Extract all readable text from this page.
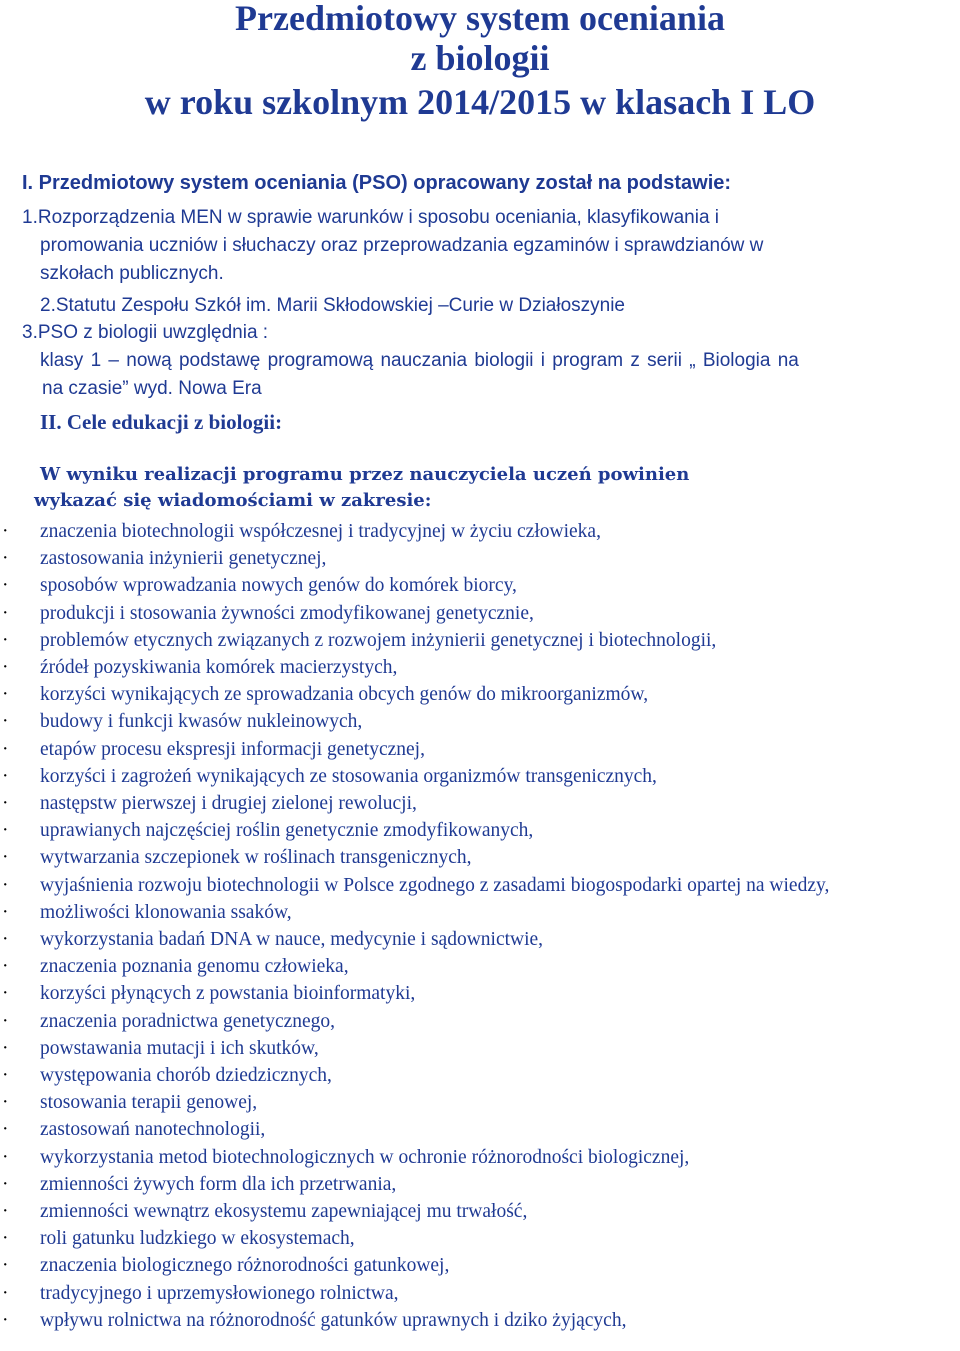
Przedmiotowy system oceniania
z biologii
w roku szkolnym 2014/2015 w klasach I LO
I. Przedmiotowy system oceniania (PSO) opracowany został na podstawie:
1.Rozporządzenia MEN w sprawie warunków i sposobu oceniania, klasyfikowania i
promowania uczniów i słuchaczy oraz przeprowadzania egzaminów i sprawdzianów w
szkołach publicznych.
2.Statutu Zespołu Szkół im. Marii Skłodowskiej –Curie w Działoszynie
3.PSO z biologii uwzględnia :
klasy 1 – nową podstawę programową nauczania biologii i program z serii „ Biologia na
na czasie” wyd. Nowa Era
II. Cele edukacji z biologii:
W wyniku realizacji programu przez nauczyciela uczeń powinien
wykazać się wiadomościami w zakresie:
· znaczenia biotechnologii współczesnej i tradycyjnej w życiu człowieka,
· zastosowania inżynierii genetycznej,
· sposobów wprowadzania nowych genów do komórek biorcy,
· produkcji i stosowania żywności zmodyfikowanej genetycznie,
· problemów etycznych związanych z rozwojem inżynierii genetycznej i biotechnologii,
· źródeł pozyskiwania komórek macierzystych,
· korzyści wynikających ze sprowadzania obcych genów do mikroorganizmów,
· budowy i funkcji kwasów nukleinowych,
· etapów procesu ekspresji informacji genetycznej,
· korzyści i zagrożeń wynikających ze stosowania organizmów transgenicznych,
· następstw pierwszej i drugiej zielonej rewolucji,
· uprawianych najczęściej roślin genetycznie zmodyfikowanych,
· wytwarzania szczepionek w roślinach transgenicznych,
· wyjaśnienia rozwoju biotechnologii w Polsce zgodnego z zasadami biogospodarki opartej na wiedzy,
· możliwości klonowania ssaków,
· wykorzystania badań DNA w nauce, medycynie i sądownictwie,
· znaczenia poznania genomu człowieka,
· korzyści płynących z powstania bioinformatyki,
· znaczenia poradnictwa genetycznego,
· powstawania mutacji i ich skutków,
· występowania chorób dziedzicznych,
· stosowania terapii genowej,
· zastosowań nanotechnologii,
· wykorzystania metod biotechnologicznych w ochronie różnorodności biologicznej,
· zmienności żywych form dla ich przetrwania,
· zmienności wewnątrz ekosystemu zapewniającej mu trwałość,
· roli gatunku ludzkiego w ekosystemach,
· znaczenia biologicznego różnorodności gatunkowej,
· tradycyjnego i uprzemysłowionego rolnictwa,
· wpływu rolnictwa na różnorodność gatunków uprawnych i dziko żyjących,
